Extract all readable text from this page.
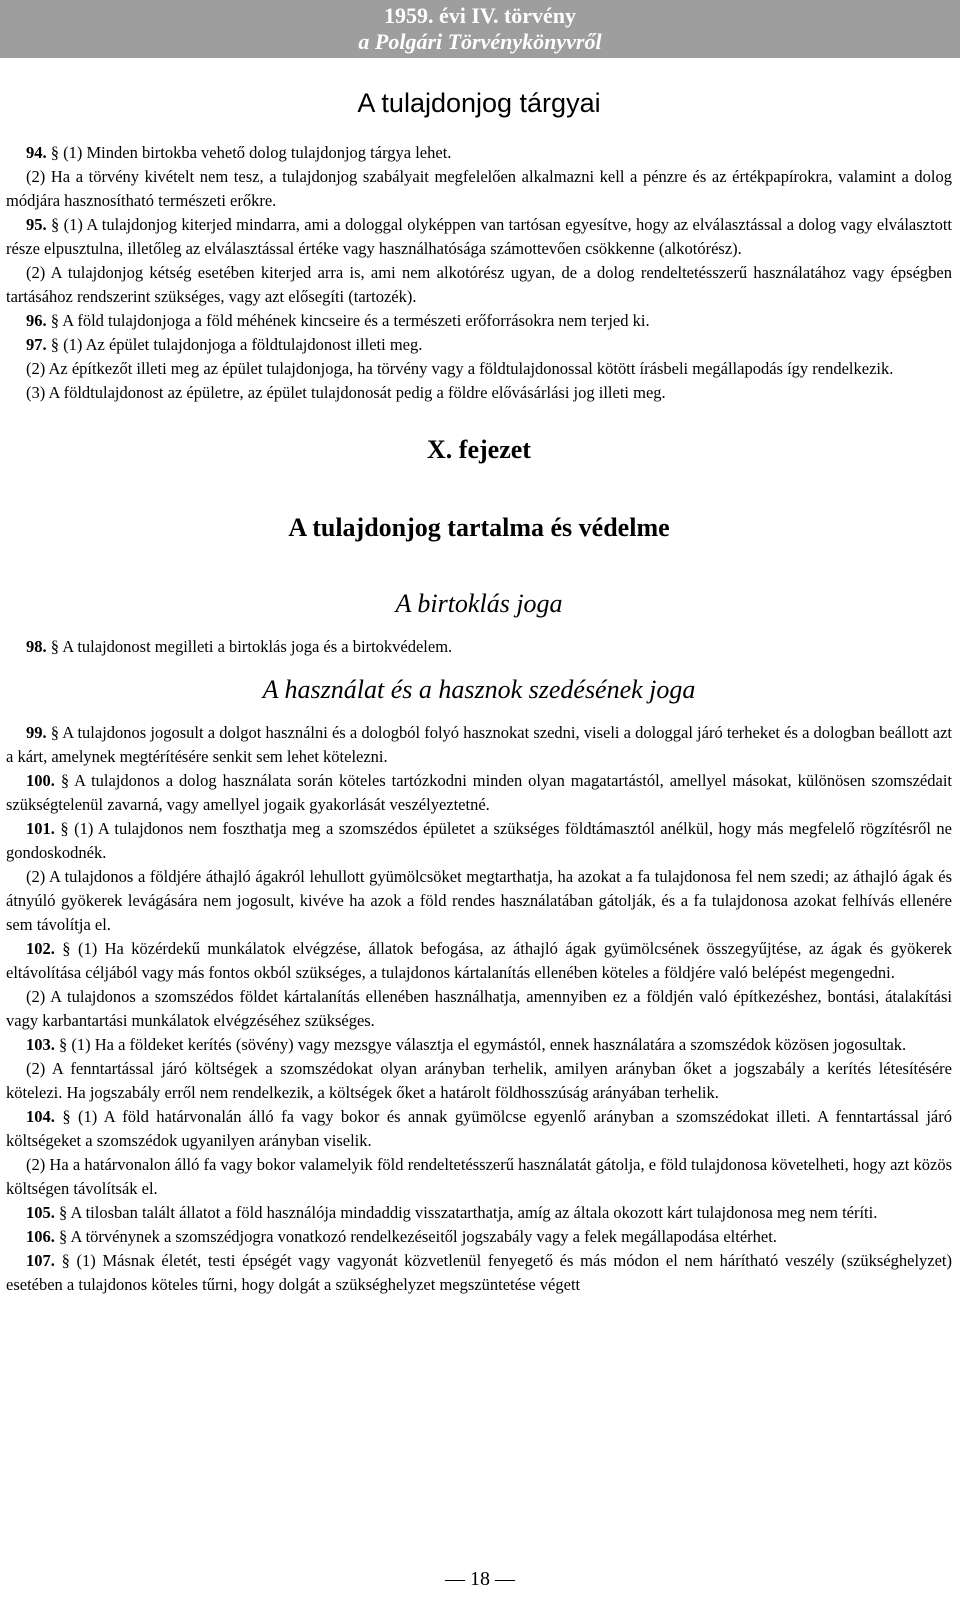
1959. évi IV. törvény
a Polgári Törvénykönyvről
A tulajdonjog tárgyai

94. § (1) Minden birtokba vehető dolog tulajdonjog tárgya lehet.

(2) Ha a törvény kivételt nem tesz, a tulajdonjog szabályait megfelelően alkalmazni kell a pénzre és az értékpapírokra, valamint a dolog módjára hasznosítható természeti erőkre.

95. § (1) A tulajdonjog kiterjed mindarra, ami a dologgal olyképpen van tartósan egyesítve, hogy az elválasztással a dolog vagy elválasztott része elpusztulna, illetőleg az elválasztással értéke vagy használhatósága számottevően csökkenne (alkotórész).

(2) A tulajdonjog kétség esetében kiterjed arra is, ami nem alkotórész ugyan, de a dolog rendeltetésszerű használatához vagy épségben tartásához rendszerint szükséges, vagy azt elősegíti (tartozék).

96. § A föld tulajdonjoga a föld méhének kincseire és a természeti erőforrásokra nem terjed ki.

97. § (1) Az épület tulajdonjoga a földtulajdonost illeti meg.

(2) Az építkezőt illeti meg az épület tulajdonjoga, ha törvény vagy a földtulajdonossal kötött írásbeli megállapodás így rendelkezik.

(3) A földtulajdonost az épületre, az épület tulajdonosát pedig a földre elővásárlási jog illeti meg.

X. fejezet
A tulajdonjog tartalma és védelme
A birtoklás joga

98. § A tulajdonost megilleti a birtoklás joga és a birtokvédelem.

A használat és a hasznok szedésének joga

99. § A tulajdonos jogosult a dolgot használni és a dologból folyó hasznokat szedni, viseli a dologgal járó terheket és a dologban beállott azt a kárt, amelynek megtérítésére senkit sem lehet kötelezni.

100. § A tulajdonos a dolog használata során köteles tartózkodni minden olyan magatartástól, amellyel másokat, különösen szomszédait szükségtelenül zavarná, vagy amellyel jogaik gyakorlását veszélyeztetné.

101. § (1) A tulajdonos nem foszthatja meg a szomszédos épületet a szükséges földtámasztól anélkül, hogy más megfelelő rögzítésről ne gondoskodnék.

(2) A tulajdonos a földjére áthajló ágakról lehullott gyümölcsöket megtarthatja, ha azokat a fa tulajdonosa fel nem szedi; az áthajló ágak és átnyúló gyökerek levágására nem jogosult, kivéve ha azok a föld rendes használatában gátolják, és a fa tulajdonosa azokat felhívás ellenére sem távolítja el.

102. § (1) Ha közérdekű munkálatok elvégzése, állatok befogása, az áthajló ágak gyümölcsének összegyűjtése, az ágak és gyökerek eltávolítása céljából vagy más fontos okból szükséges, a tulajdonos kártalanítás ellenében köteles a földjére való belépést megengedni.

(2) A tulajdonos a szomszédos földet kártalanítás ellenében használhatja, amennyiben ez a földjén való építkezéshez, bontási, átalakítási vagy karbantartási munkálatok elvégzéséhez szükséges.

103. § (1) Ha a földeket kerítés (sövény) vagy mezsgye választja el egymástól, ennek használatára a szomszédok közösen jogosultak.

(2) A fenntartással járó költségek a szomszédokat olyan arányban terhelik, amilyen arányban őket a jogszabály a kerítés létesítésére kötelezi. Ha jogszabály erről nem rendelkezik, a költségek őket a határolt földhosszúság arányában terhelik.

104. § (1) A föld határvonalán álló fa vagy bokor és annak gyümölcse egyenlő arányban a szomszédokat illeti. A fenntartással járó költségeket a szomszédok ugyanilyen arányban viselik.

(2) Ha a határvonalon álló fa vagy bokor valamelyik föld rendeltetésszerű használatát gátolja, e föld tulajdonosa követelheti, hogy azt közös költségen távolítsák el.

105. § A tilosban talált állatot a föld használója mindaddig visszatarthatja, amíg az általa okozott kárt tulajdonosa meg nem téríti.

106. § A törvénynek a szomszédjogra vonatkozó rendelkezéseitől jogszabály vagy a felek megállapodása eltérhet.

107. § (1) Másnak életét, testi épségét vagy vagyonát közvetlenül fenyegető és más módon el nem hárítható veszély (szükséghelyzet) esetében a tulajdonos köteles tűrni, hogy dolgát a szükséghelyzet megszüntetése végett

— 18 —
